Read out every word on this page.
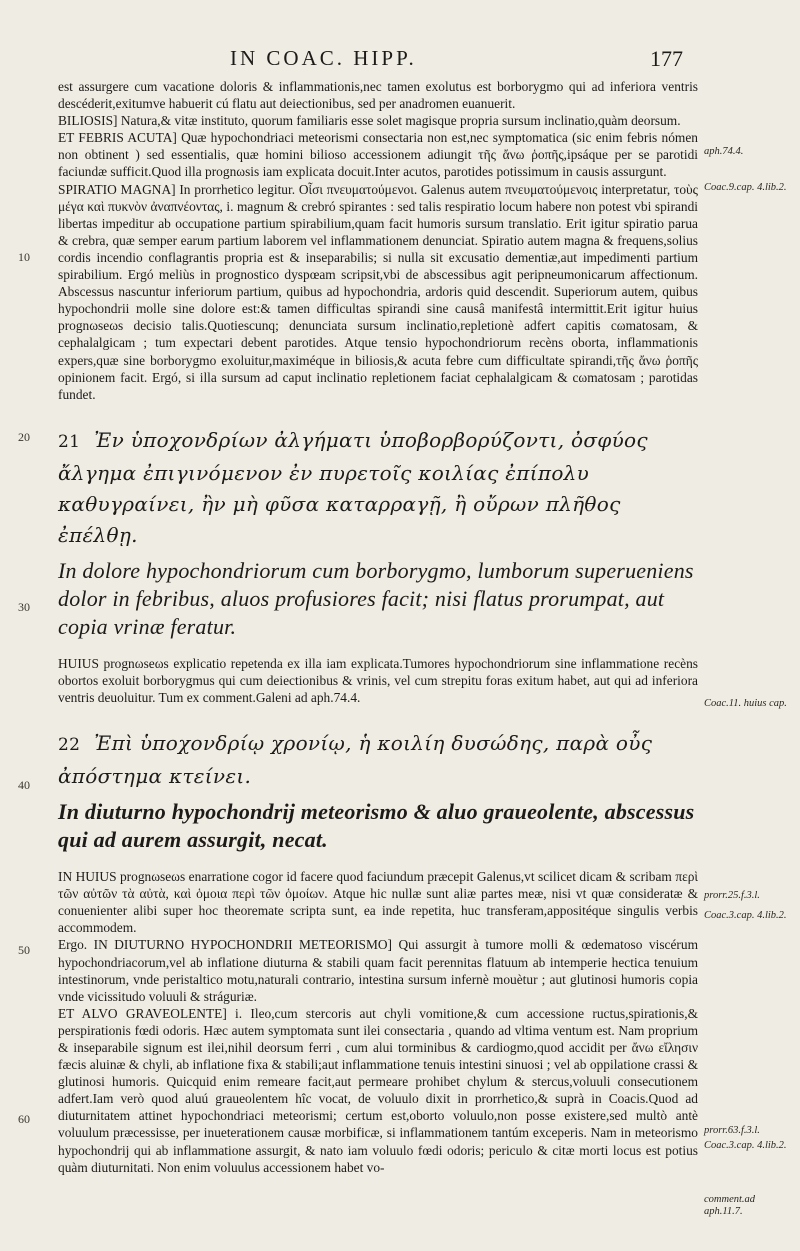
IN COAC. HIPP.	177
10
20
30
40
50
60
aph.74.4.
Coac.9.cap. 4.lib.2.
Coac.11. huius cap.
prorr.25.f.3.l.
Coac.3.cap. 4.lib.2.
prorr.63.f.3.l.
Coac.3.cap. 4.lib.2.
comment.ad aph.11.7.

est assurgere cum vacatione doloris & inflammationis,nec tamen exolutus est borborygmo qui ad inferiora ventris descéderit,exitumve habuerit cú flatu aut deiectionibus, sed per anadromen euanuerit.

BILIOSIS] Natura,& vitæ instituto, quorum familiaris esse solet magisque propria sursum inclinatio,quàm deorsum.

ET FEBRIS ACUTA] Quæ hypochondriaci meteorismi consectaria non est,nec symptomatica (sic enim febris nómen non obtinent ) sed essentialis, quæ homini bilioso accessionem adiungit τῆς ἄνω ῥοπῆς,ipsáque per se parotidi faciundæ sufficit.Quod illa prognωsis iam explicata docuit.Inter acutos, parotides potissimum in causis assurgunt.

SPIRATIO MAGNA] In prorrhetico legitur. Οἷσι πνευματούμενοι. Galenus autem πνευματούμενοις interpretatur, τοὺς μέγα καὶ πυκνὸν ἀναπνέοντας, i. magnum & crebró spirantes : sed talis respiratio locum habere non potest vbi spirandi libertas impeditur ab occupatione partium spirabilium,quam facit humoris sursum translatio. Erit igitur spiratio parua & crebra, quæ semper earum partium laborem vel inflammationem denunciat. Spiratio autem magna & frequens,solius cordis incendio conflagrantis propria est & inseparabilis; si nulla sit excusatio dementiæ,aut impedimenti partium spirabilium. Ergó meliùs in prognostico dyspœam scripsit,vbi de abscessibus agit peripneumonicarum affectionum. Abscessus nascuntur inferiorum partium, quibus ad hypochondria, ardoris quid descendit. Superiorum autem, quibus hypochondrii molle sine dolore est:& tamen difficultas spirandi sine causâ manifestâ intermittit.Erit igitur huius prognωseωs decisio talis.Quotiescunq; denunciata sursum inclinatio,repletionè adfert capitis cωmatosam, & cephalalgicam ; tum expectari debent parotides. Atque tensio hypochondriorum recèns oborta, inflammationis expers,quæ sine borborygmo exoluitur,maximéque in biliosis,& acuta febre cum difficultate spirandi,τῆς ἄνω ῥοπῆς opinionem facit. Ergó, si illa sursum ad caput inclinatio repletionem faciat cephalalgicam & cωmatosam ; parotidas fundet.

21 Ἐν ὑποχονδρίων ἀλγήματι ὑποβορβορύζοντι, ὀσφύος ἄλγημα ἐπιγινόμενον ἐν πυρετοῖς κοιλίας ἐπίπολυ καθυγραίνει, ἢν μὴ φῦσα καταρραγῇ, ἢ οὔρων πλῆθος ἐπέλθῃ.

In dolore hypochondriorum cum borborygmo, lumborum superueniens dolor in febribus, aluos profusiores facit; nisi flatus prorumpat, aut copia vrinæ feratur.

HUIUS prognωseωs explicatio repetenda ex illa iam explicata.Tumores hypochondriorum sine inflammatione recèns obortos exoluit borborygmus qui cum deiectionibus & vrinis, vel cum strepitu foras exitum habet, aut qui ad inferiora ventris deuoluitur. Tum ex comment.Galeni ad aph.74.4.

22 Ἐπὶ ὑποχονδρίῳ χρονίῳ, ἡ κοιλίη δυσώδης, παρὰ οὖς ἀπόστημα κτείνει.

In diuturno hypochondrij meteorismo & aluo graueolente, abscessus qui ad aurem assurgit, necat.

IN HUIUS prognωseωs enarratione cogor id facere quod faciundum præcepit Galenus,vt scilicet dicam & scribam περὶ τῶν αὐτῶν τὰ αὐτὰ, καὶ ὁμοια περὶ τῶν ὁμοίων. Atque hic nullæ sunt aliæ partes meæ, nisi vt quæ consideratæ & conuenienter alibi super hoc theoremate scripta sunt, ea inde repetita, huc transferam,appositéque singulis verbis accommodem.

Ergo. IN DIUTURNO HYPOCHONDRII METEORISMO] Qui assurgit à tumore molli & œdematoso viscérum hypochondriacorum,vel ab inflatione diuturna & stabili quam facit perennitas flatuum ab intemperie hectica tenuium intestinorum, vnde peristaltico motu,naturali contrario, intestina sursum infernè mouètur ; aut glutinosi humoris copia vnde vicissitudo voluuli & stráguriæ.

ET ALVO GRAVEOLENTE] i. Ileo,cum stercoris aut chyli vomitione,& cum accessione ructus,spirationis,& perspirationis fœdi odoris. Hæc autem symptomata sunt ilei consectaria , quando ad vltima ventum est. Nam proprium & inseparabile signum est ilei,nihil deorsum ferri , cum alui torminibus & cardiogmo,quod accidit per ἄνω εἴλησιν fæcis aluinæ & chyli, ab inflatione fixa & stabili;aut inflammatione tenuis intestini sinuosi ; vel ab oppilatione crassi & glutinosi humoris. Quicquid enim remeare facit,aut permeare prohibet chylum & stercus,voluuli consecutionem adfert.Iam verò quod aluú graueolentem hîc vocat, de voluulo dixit in prorrhetico,& suprà in Coacis.Quod ad diuturnitatem attinet hypochondriaci meteorismi; certum est,oborto voluulo,non posse existere,sed multò antè voluulum præcessisse, per inueterationem causæ morbificæ, si inflammationem tantúm exceperis. Nam in meteorismo hypochondrij qui ab inflammatione assurgit, & nato iam voluulo fœdi odoris; periculo & citæ morti locus est potius quàm diuturnitati. Non enim voluulus accessionem habet vo-
